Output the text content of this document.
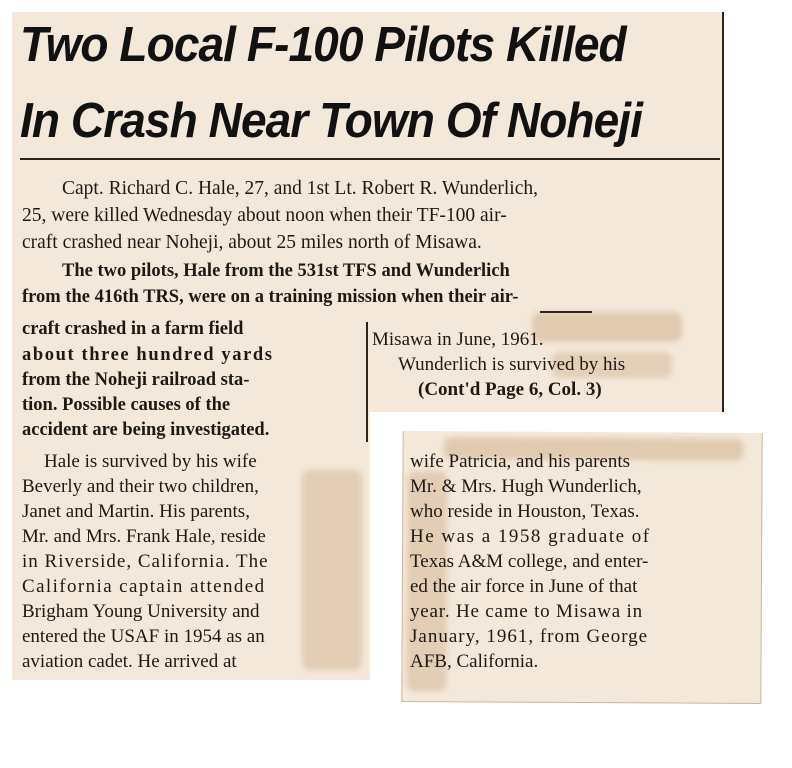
Two Local F-100 Pilots Killed
In Crash Near Town Of Noheji
Capt. Richard C. Hale, 27, and 1st Lt. Robert R. Wunderlich,
25, were killed Wednesday about noon when their TF-100 air-
craft crashed near Noheji, about 25 miles north of Misawa.
The two pilots, Hale from the 531st TFS and Wunderlich
from the 416th TRS, were on a training mission when their air-
craft crashed in a farm field
about three hundred yards
from the Noheji railroad sta-
tion. Possible causes of the
accident are being investigated.
Misawa in June, 1961.
Wunderlich is survived by his
(Cont'd Page 6, Col. 3)
Hale is survived by his wife
Beverly and their two children,
Janet and Martin. His parents,
Mr. and Mrs. Frank Hale, reside
in Riverside, California. The
California captain attended
Brigham Young University and
entered the USAF in 1954 as an
aviation cadet. He arrived at
wife Patricia, and his parents
Mr. & Mrs. Hugh Wunderlich,
who reside in Houston, Texas.
He was a 1958 graduate of
Texas A&M college, and enter-
ed the air force in June of that
year. He came to Misawa in
January, 1961, from George
AFB, California.
